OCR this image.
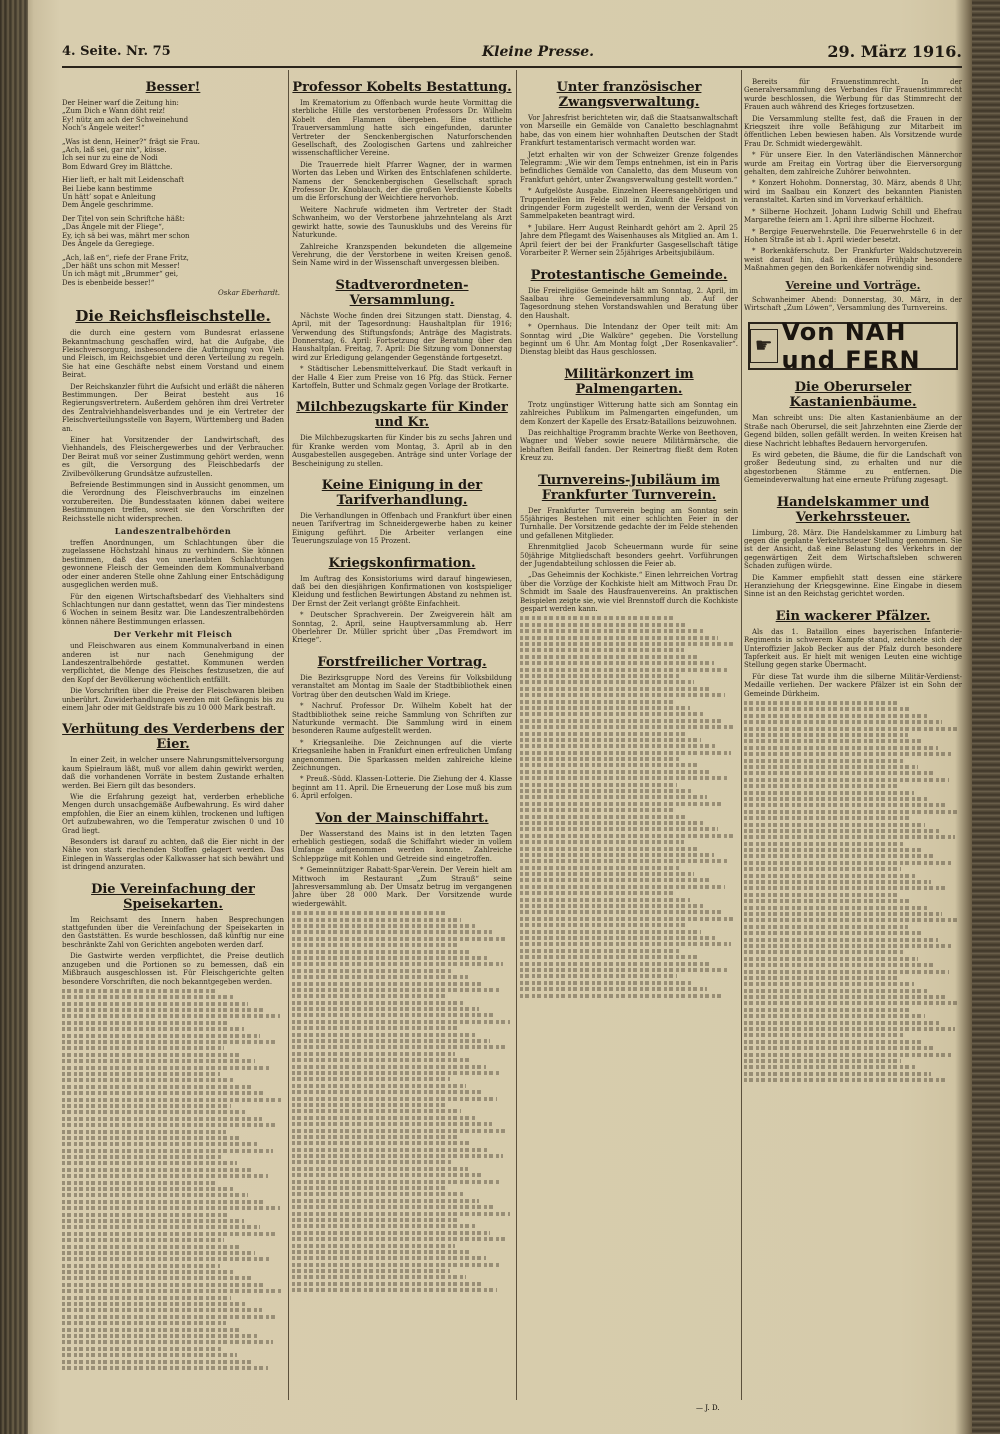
4. Seite. Nr. 75	Kleine Presse.	29. März 1916.
Besser!

Der Heiner warf die Zeitung hin:

„Zum Dich e Wann döht reiz!

Ey! nütz am ach der Schweinehund

Noch’s Ängele weiter!“

„Was ist denn, Heiner?“ frägt sie Frau.

„Ach, laß sei, gar nix“, küsse.

Ich sei nur zu eine de Nodi

Bom Edward Grey im Blättche.

Hier lieft, er halt mit Leidenschaft

Bei Liebe kann bestimme

Un hätt’ sopat e Anleitung

Dem Ängele geschrimme.

Der Titel von sein Schriftche häßt:

„Das Ängele mit der Fliege“,

Ey, ich sä bei was, mährt mer schon

Des Ängele da Geregiege.

„Ach, laß en“, riefe der Frane Fritz,

„Der häßt uns schon mit Messer!

Un ich mägt mit „Brummer“ gei,

Des is ebenbeide besser!“

Oskar Eberhardt.
Die Reichsfleischstelle.

die durch eine gestern vom Bundesrat erlassene Bekanntmachung geschaffen wird, hat die Aufgabe, die Fleischversorgung, insbesondere die Aufbringung von Vieh und Fleisch, im Reichsgebiet und deren Verteilung zu regeln. Sie hat eine Geschäfte nebst einem Vorstand und einem Beirat.

Der Reichskanzler führt die Aufsicht und erläßt die näheren Bestimmungen. Der Beirat besteht aus 16 Regierungsvertretern. Außerdem gehören ihm drei Vertreter des Zentralviehhandelsverbandes und je ein Vertreter der Fleischverteilungsstelle von Bayern, Württemberg und Baden an.

Einer hat Vorsitzender der Landwirtschaft, des Viehhandels, des Fleischergewerbes und der Verbraucher. Der Beirat muß vor seiner Zustimmung gehört werden, wenn es gilt, die Versorgung des Fleischbedarfs der Zivilbevölkerung Grundsätze aufzustellen.

Befreiende Bestimmungen sind in Aussicht genommen, um die Verordnung des Fleischverbrauchs im einzelnen vorzubereiten. Die Bundesstaaten können dabei weitere Bestimmungen treffen, soweit sie den Vorschriften der Reichsstelle nicht widersprechen.

Landeszentralbehörden

treffen Anordnungen, um Schlachtungen über die zugelassene Höchstzahl hinaus zu verhindern. Sie können bestimmen, daß das von unerlaubten Schlachtungen gewonnene Fleisch der Gemeinden dem Kommunalverband oder einer anderen Stelle ohne Zahlung einer Entschädigung ausgeglichen werden muß.

Für den eigenen Wirtschaftsbedarf des Viehhalters sind Schlachtungen nur dann gestattet, wenn das Tier mindestens 6 Wochen in seinem Besitz war. Die Landeszentralbehörden können nähere Bestimmungen erlassen.

Der Verkehr mit Fleisch

und Fleischwaren aus einem Kommunalverband in einen anderen ist nur nach Genehmigung der Landeszentralbehörde gestattet. Kommunen werden verpflichtet, die Menge des Fleisches festzusetzen, die auf den Kopf der Bevölkerung wöchentlich entfällt.

Die Vorschriften über die Preise der Fleischwaren bleiben unberührt. Zuwiderhandlungen werden mit Gefängnis bis zu einem Jahr oder mit Geldstrafe bis zu 10 000 Mark bestraft.

Verhütung des Verderbens der Eier.

In einer Zeit, in welcher unsere Nahrungsmittelversorgung kaum Spielraum läßt, muß vor allem dahin gewirkt werden, daß die vorhandenen Vorräte in bestem Zustande erhalten werden. Bei Eiern gilt das besonders.

Wie die Erfahrung gezeigt hat, verderben erhebliche Mengen durch unsachgemäße Aufbewahrung. Es wird daher empfohlen, die Eier an einem kühlen, trockenen und luftigen Ort aufzubewahren, wo die Temperatur zwischen 0 und 10 Grad liegt.

Besonders ist darauf zu achten, daß die Eier nicht in der Nähe von stark riechenden Stoffen gelagert werden. Das Einlegen in Wasserglas oder Kalkwasser hat sich bewährt und ist dringend anzuraten.

Die Vereinfachung der Speisekarten.

Im Reichsamt des Innern haben Besprechungen stattgefunden über die Vereinfachung der Speisekarten in den Gaststätten. Es wurde beschlossen, daß künftig nur eine beschränkte Zahl von Gerichten angeboten werden darf.

Die Gastwirte werden verpflichtet, die Preise deutlich anzugeben und die Portionen so zu bemessen, daß ein Mißbrauch ausgeschlossen ist. Für Fleischgerichte gelten besondere Vorschriften, die noch bekanntgegeben werden.

Professor Kobelts Bestattung.

Im Krematorium zu Offenbach wurde heute Vormittag die sterbliche Hülle des verstorbenen Professors Dr. Wilhelm Kobelt den Flammen übergeben. Eine stattliche Trauerversammlung hatte sich eingefunden, darunter Vertreter der Senckenbergischen Naturforschenden Gesellschaft, des Zoologischen Gartens und zahlreicher wissenschaftlicher Vereine.

Die Trauerrede hielt Pfarrer Wagner, der in warmen Worten das Leben und Wirken des Entschlafenen schilderte. Namens der Senckenbergischen Gesellschaft sprach Professor Dr. Knoblauch, der die großen Verdienste Kobelts um die Erforschung der Weichtiere hervorhob.

Weitere Nachrufe widmeten ihm Vertreter der Stadt Schwanheim, wo der Verstorbene jahrzehntelang als Arzt gewirkt hatte, sowie des Taunusklubs und des Vereins für Naturkunde.

Zahlreiche Kranzspenden bekundeten die allgemeine Verehrung, die der Verstorbene in weiten Kreisen genoß. Sein Name wird in der Wissenschaft unvergessen bleiben.

Stadtverordneten-Versammlung.

Nächste Woche finden drei Sitzungen statt. Dienstag, 4. April, mit der Tagesordnung: Haushaltplan für 1916; Verwendung des Stiftungsfonds; Anträge des Magistrats. Donnerstag, 6. April: Fortsetzung der Beratung über den Haushaltplan. Freitag, 7. April: Die Sitzung vom Donnerstag wird zur Erledigung gelangender Gegenstände fortgesetzt.

* Städtischer Lebensmittelverkauf. Die Stadt verkauft in der Halle 4 Eier zum Preise von 16 Pfg. das Stück. Ferner Kartoffeln, Butter und Schmalz gegen Vorlage der Brotkarte.

Milchbezugskarte für Kinder und Kr.

Die Milchbezugskarten für Kinder bis zu sechs Jahren und für Kranke werden vom Montag, 3. April ab in den Ausgabestellen ausgegeben. Anträge sind unter Vorlage der Bescheinigung zu stellen.

Keine Einigung in der Tarifverhandlung.

Die Verhandlungen in Offenbach und Frankfurt über einen neuen Tarifvertrag im Schneidergewerbe haben zu keiner Einigung geführt. Die Arbeiter verlangen eine Teuerungszulage von 15 Prozent.

Kriegskonfirmation.

Im Auftrag des Konsistoriums wird darauf hingewiesen, daß bei den diesjährigen Konfirmationen von kostspieliger Kleidung und festlichen Bewirtungen Abstand zu nehmen ist. Der Ernst der Zeit verlangt größte Einfachheit.

* Deutscher Sprachverein. Der Zweigverein hält am Sonntag, 2. April, seine Hauptversammlung ab. Herr Oberlehrer Dr. Müller spricht über „Das Fremdwort im Kriege“.

Forstfreilicher Vortrag.

Die Bezirksgruppe Nord des Vereins für Volksbildung veranstaltet am Montag im Saale der Stadtbibliothek einen Vortrag über den deutschen Wald im Kriege.

* Nachruf. Professor Dr. Wilhelm Kobelt hat der Stadtbibliothek seine reiche Sammlung von Schriften zur Naturkunde vermacht. Die Sammlung wird in einem besonderen Raume aufgestellt werden.

* Kriegsanleihe. Die Zeichnungen auf die vierte Kriegsanleihe haben in Frankfurt einen erfreulichen Umfang angenommen. Die Sparkassen melden zahlreiche kleine Zeichnungen.

* Preuß.-Südd. Klassen-Lotterie. Die Ziehung der 4. Klasse beginnt am 11. April. Die Erneuerung der Lose muß bis zum 6. April erfolgen.

Von der Mainschiffahrt.

Der Wasserstand des Mains ist in den letzten Tagen erheblich gestiegen, sodaß die Schiffahrt wieder in vollem Umfange aufgenommen werden konnte. Zahlreiche Schleppzüge mit Kohlen und Getreide sind eingetroffen.

* Gemeinnütziger Rabatt-Spar-Verein. Der Verein hielt am Mittwoch im Restaurant „Zum Strauß“ seine Jahresversammlung ab. Der Umsatz betrug im vergangenen Jahre über 28 000 Mark. Der Vorsitzende wurde wiedergewählt.

Unter französischer Zwangsverwaltung.

Vor Jahresfrist berichteten wir, daß die Staatsanwaltschaft von Marseille ein Gemälde von Canaletto beschlagnahmt habe, das von einem hier wohnhaften Deutschen der Stadt Frankfurt testamentarisch vermacht worden war.

Jetzt erhalten wir von der Schweizer Grenze folgendes Telegramm: „Wie wir dem Temps entnehmen, ist ein in Paris befindliches Gemälde von Canaletto, das dem Museum von Frankfurt gehört, unter Zwangsverwaltung gestellt worden.“

* Aufgelöste Ausgabe. Einzelnen Heeresangehörigen und Truppenteilen im Felde soll in Zukunft die Feldpost in dringender Form zugestellt werden, wenn der Versand von Sammelpaketen beantragt wird.

* Jubilare. Herr August Reinhardt gehört am 2. April 25 Jahre dem Pflegamt des Waisenhauses als Mitglied an. Am 1. April feiert der bei der Frankfurter Gasgesellschaft tätige Vorarbeiter P. Werner sein 25jähriges Arbeitsjubiläum.

Protestantische Gemeinde.

Die Freireligiöse Gemeinde hält am Sonntag, 2. April, im Saalbau ihre Gemeindeversammlung ab. Auf der Tagesordnung stehen Vorstandswahlen und Beratung über den Haushalt.

* Opernhaus. Die Intendanz der Oper teilt mit: Am Sonntag wird „Die Walküre“ gegeben. Die Vorstellung beginnt um 6 Uhr. Am Montag folgt „Der Rosenkavalier“. Dienstag bleibt das Haus geschlossen.

Militärkonzert im Palmengarten.

Trotz ungünstiger Witterung hatte sich am Sonntag ein zahlreiches Publikum im Palmengarten eingefunden, um dem Konzert der Kapelle des Ersatz-Bataillons beizuwohnen.

Das reichhaltige Programm brachte Werke von Beethoven, Wagner und Weber sowie neuere Militärmärsche, die lebhaften Beifall fanden. Der Reinertrag fließt dem Roten Kreuz zu.

Turnvereins-Jubiläum im Frankfurter Turnverein.

Der Frankfurter Turnverein beging am Sonntag sein 55jähriges Bestehen mit einer schlichten Feier in der Turnhalle. Der Vorsitzende gedachte der im Felde stehenden und gefallenen Mitglieder.

Ehrenmitglied Jacob Scheuermann wurde für seine 50jährige Mitgliedschaft besonders geehrt. Vorführungen der Jugendabteilung schlossen die Feier ab.

„Das Geheimnis der Kochkiste.“ Einen lehrreichen Vortrag über die Vorzüge der Kochkiste hielt am Mittwoch Frau Dr. Schmidt im Saale des Hausfrauenvereins. An praktischen Beispielen zeigte sie, wie viel Brennstoff durch die Kochkiste gespart werden kann.

Bereits für Frauenstimmrecht. In der Generalversammlung des Verbandes für Frauenstimmrecht wurde beschlossen, die Werbung für das Stimmrecht der Frauen auch während des Krieges fortzusetzen.

Die Versammlung stellte fest, daß die Frauen in der Kriegszeit ihre volle Befähigung zur Mitarbeit im öffentlichen Leben bewiesen haben. Als Vorsitzende wurde Frau Dr. Schmidt wiedergewählt.

* Für unsere Eier. In den Vaterländischen Männerchor wurde am Freitag ein Vortrag über die Eierversorgung gehalten, dem zahlreiche Zuhörer beiwohnten.

* Konzert Hohohm. Donnerstag, 30. März, abends 8 Uhr, wird im Saalbau ein Konzert des bekannten Pianisten veranstaltet. Karten sind im Vorverkauf erhältlich.

* Silberne Hochzeit. Johann Ludwig Schill und Ehefrau Margarethe feiern am 1. April ihre silberne Hochzeit.

* Bergige Feuerwehrstelle. Die Feuerwehrstelle 6 in der Hohen Straße ist ab 1. April wieder besetzt.

* Borkenkäferschutz. Der Frankfurter Waldschutzverein weist darauf hin, daß in diesem Frühjahr besondere Maßnahmen gegen den Borkenkäfer notwendig sind.

Vereine und Vorträge.

Schwanheimer Abend: Donnerstag, 30. März, in der Wirtschaft „Zum Löwen“, Versammlung des Turnvereins.

☛ Von NAH und FERN
Die Oberurseler Kastanienbäume.

Man schreibt uns: Die alten Kastanienbäume an der Straße nach Oberursel, die seit Jahrzehnten eine Zierde der Gegend bilden, sollen gefällt werden. In weiten Kreisen hat diese Nachricht lebhaftes Bedauern hervorgerufen.

Es wird gebeten, die Bäume, die für die Landschaft von großer Bedeutung sind, zu erhalten und nur die abgestorbenen Stämme zu entfernen. Die Gemeindeverwaltung hat eine erneute Prüfung zugesagt.

Handelskammer und Verkehrssteuer.

Limburg, 28. März. Die Handelskammer zu Limburg hat gegen die geplante Verkehrssteuer Stellung genommen. Sie ist der Ansicht, daß eine Belastung des Verkehrs in der gegenwärtigen Zeit dem Wirtschaftsleben schweren Schaden zufügen würde.

Die Kammer empfiehlt statt dessen eine stärkere Heranziehung der Kriegsgewinne. Eine Eingabe in diesem Sinne ist an den Reichstag gerichtet worden.

Ein wackerer Pfälzer.

Als das 1. Bataillon eines bayerischen Infanterie-Regiments in schwerem Kampfe stand, zeichnete sich der Unteroffizier Jakob Becker aus der Pfalz durch besondere Tapferkeit aus. Er hielt mit wenigen Leuten eine wichtige Stellung gegen starke Übermacht.

Für diese Tat wurde ihm die silberne Militär-Verdienst-Medaille verliehen. Der wackere Pfälzer ist ein Sohn der Gemeinde Dürkheim.

— J. D.
